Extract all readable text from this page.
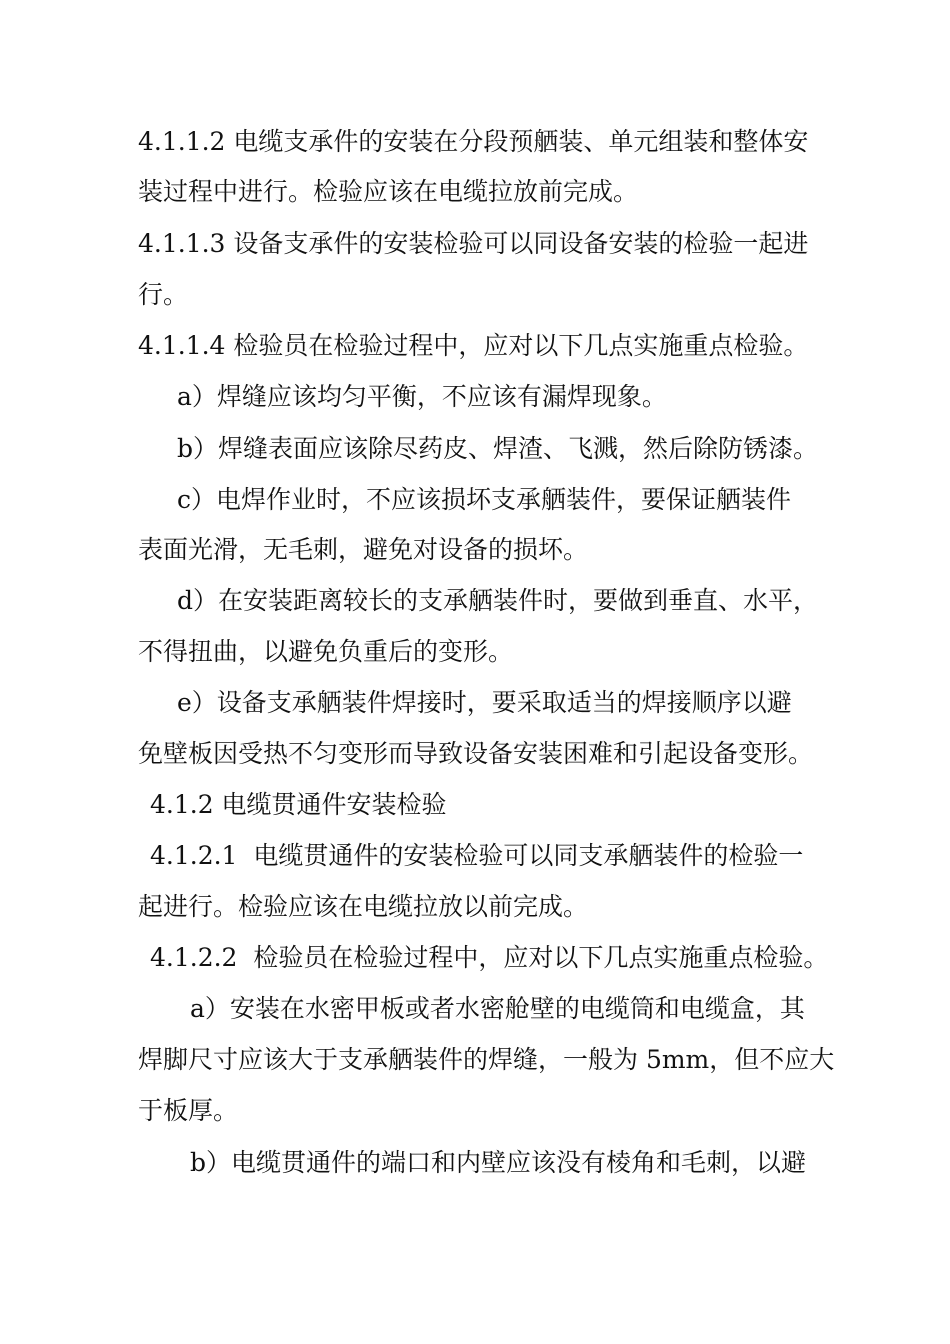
4.1.1.2 电缆支承件的安装在分段预舾装、单元组装和整体安

装过程中进行。检验应该在电缆拉放前完成。

4.1.1.3 设备支承件的安装检验可以同设备安装的检验一起进

行。

4.1.1.4 检验员在检验过程中，应对以下几点实施重点检验。

a）焊缝应该均匀平衡，不应该有漏焊现象。

b）焊缝表面应该除尽药皮、焊渣、飞溅，然后除防锈漆。

c）电焊作业时，不应该损坏支承舾装件，要保证舾装件

表面光滑，无毛刺，避免对设备的损坏。

d）在安装距离较长的支承舾装件时，要做到垂直、水平，

不得扭曲，以避免负重后的变形。

e）设备支承舾装件焊接时，要采取适当的焊接顺序以避

免壁板因受热不匀变形而导致设备安装困难和引起设备变形。

4.1.2 电缆贯通件安装检验

4.1.2.1  电缆贯通件的安装检验可以同支承舾装件的检验一

起进行。检验应该在电缆拉放以前完成。

4.1.2.2  检验员在检验过程中，应对以下几点实施重点检验。

a）安装在水密甲板或者水密舱壁的电缆筒和电缆盒，其

焊脚尺寸应该大于支承舾装件的焊缝，一般为 5mm，但不应大

于板厚。

b）电缆贯通件的端口和内壁应该没有棱角和毛刺，以避
